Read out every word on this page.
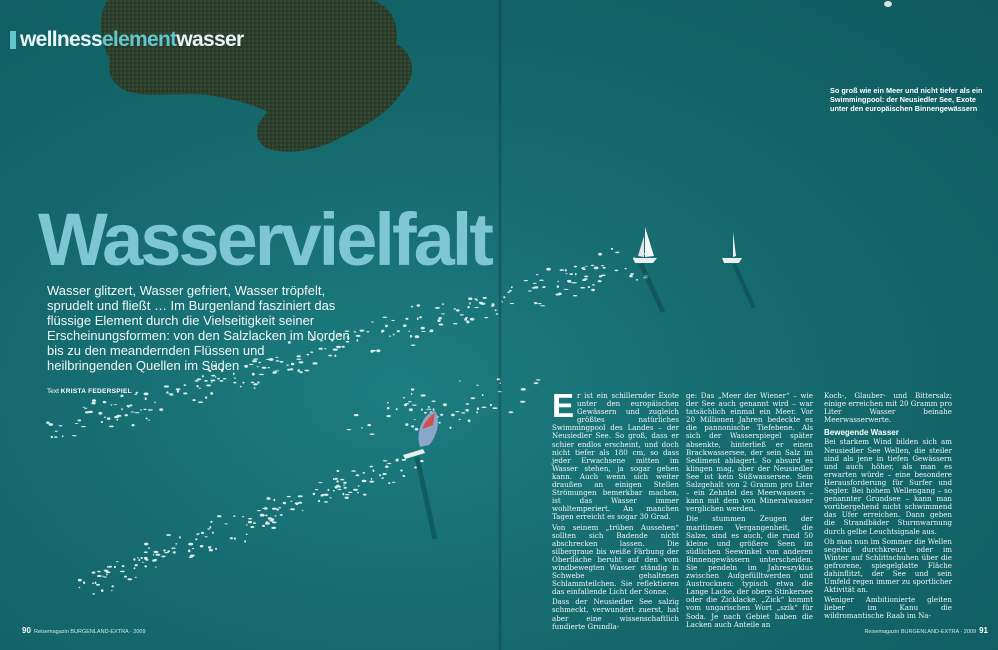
wellness element wasser
So groß wie ein Meer und nicht tiefer als ein Swimmingpool: der Neusiedler See, Exote unter den europäischen Binnengewässern
Wasservielfalt
Wasser glitzert, Wasser gefriert, Wasser tröpfelt, sprudelt und fließt … Im Burgenland fasziniert das flüssige Element durch die Vielseitigkeit seiner Erscheinungsformen: von den Salzlacken im Norden bis zu den meandernden Flüssen und heilbringenden Quellen im Süden
Text KRISTA FEDERSPIEL	Er ist ein schillernder Exote unter den europäischen Gewässern und zugleich größtes natürliches Swimmingpool des Landes – der Neusiedler See. So groß, dass er schier endlos erscheint, und doch nicht tiefer als 180 cm, so dass jeder Erwachsene mitten im Wasser stehen, ja sogar gehen kann. Auch wenn sich weiter draußen an einigen Stellen Strömungen bemerkbar machen, ist das Wasser immer wohltemperiert. An manchen Tagen erreicht es sogar 30 Grad.

Von seinem „trüben Aussehen“ sollten sich Badende nicht abschrecken lassen. Die silbergraue bis weiße Färbung der Oberfläche beruht auf den vom windbewegten Wasser ständig in Schwebe gehaltenen Schlammteilchen. Sie reflektieren das einfallende Licht der Sonne.

Dass der Neusiedler See salzig schmeckt, verwundert zuerst, hat aber eine wissenschaftlich fundierte Grundla-

ge: Das „Meer der Wiener“ – wie der See auch genannt wird – war tatsächlich einmal ein Meer. Vor 20 Millionen Jahren bedeckte es die pannonische Tiefebene. Als sich der Wasserspiegel später absenkte, hinterließ er einen Brackwassersee, der sein Salz im Sediment ablagert. So absurd es klingen mag, aber der Neusiedler See ist kein Süßwassersee. Sein Salzgehalt von 2 Gramm pro Liter – ein Zehntel des Meerwassers – kann mit dem von Mineralwasser verglichen werden.

Die stummen Zeugen der maritimen Vergangenheit, die Salze, sind es auch, die rund 50 kleine und größere Seen im südlichen Seewinkel von anderen Binnengewässern unterscheiden. Sie pendeln im Jahreszyklus zwischen Aufgefülltwerden und Austrocknen: typisch etwa die Lange Lacke, der obere Stinkersee oder die Zicklacke. „Zick“ kommt vom ungarischen Wort „szik“ für Soda. Je nach Gebiet haben die Lacken auch Anteile an

Koch-, Glauber- und Bittersalz; einige erreichen mit 20 Gramm pro Liter Wasser beinahe Meerwasserwerte.

Bewegende Wasser

Bei starkem Wind bilden sich am Neusiedler See Wellen, die steiler sind als jene in tiefen Gewässern und auch höher, als man es erwarten würde – eine besondere Herausforderung für Surfer und Segler. Bei hohem Wellengang – so genannter Grundsee – kann man vorübergehend nicht schwimmend das Ufer erreichen. Dann geben die Strandbäder Sturmwarnung durch gelbe Leuchtsignale aus.

Ob man nun im Sommer die Wellen segelnd durchkreuzt oder im Winter auf Schlittschuhen über die gefrorene, spiegelglatte Fläche dahinflitzt, der See und sein Umfeld regen immer zu sportlicher Aktivität an.

Weniger Ambitionierte gleiten lieber im Kanu die wildromantische Raab im Na-

90 Reisemagazin BURGENLAND-EXTRA · 2009	Reisemagazin BURGENLAND-EXTRA · 2009 91
